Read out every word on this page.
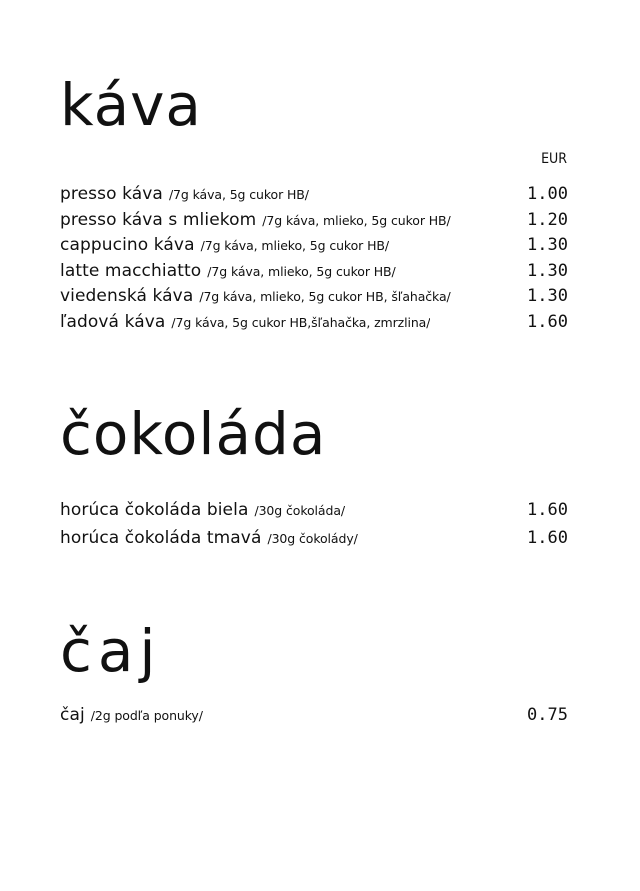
káva
EUR
presso káva /7g káva, 5g cukor HB/	1.00
presso káva s mliekom /7g káva, mlieko, 5g cukor HB/	1.20
cappucino káva /7g káva, mlieko, 5g cukor HB/	1.30
latte macchiatto /7g káva, mlieko, 5g cukor HB/	1.30
viedenská káva /7g káva, mlieko, 5g cukor HB, šľahačka/	1.30
ľadová káva /7g káva, 5g cukor HB,šľahačka, zmrzlina/	1.60
čokoláda
horúca čokoláda biela /30g čokoláda/	1.60
horúca čokoláda tmavá /30g čokolády/	1.60
čaj
čaj /2g podľa ponuky/	0.75
